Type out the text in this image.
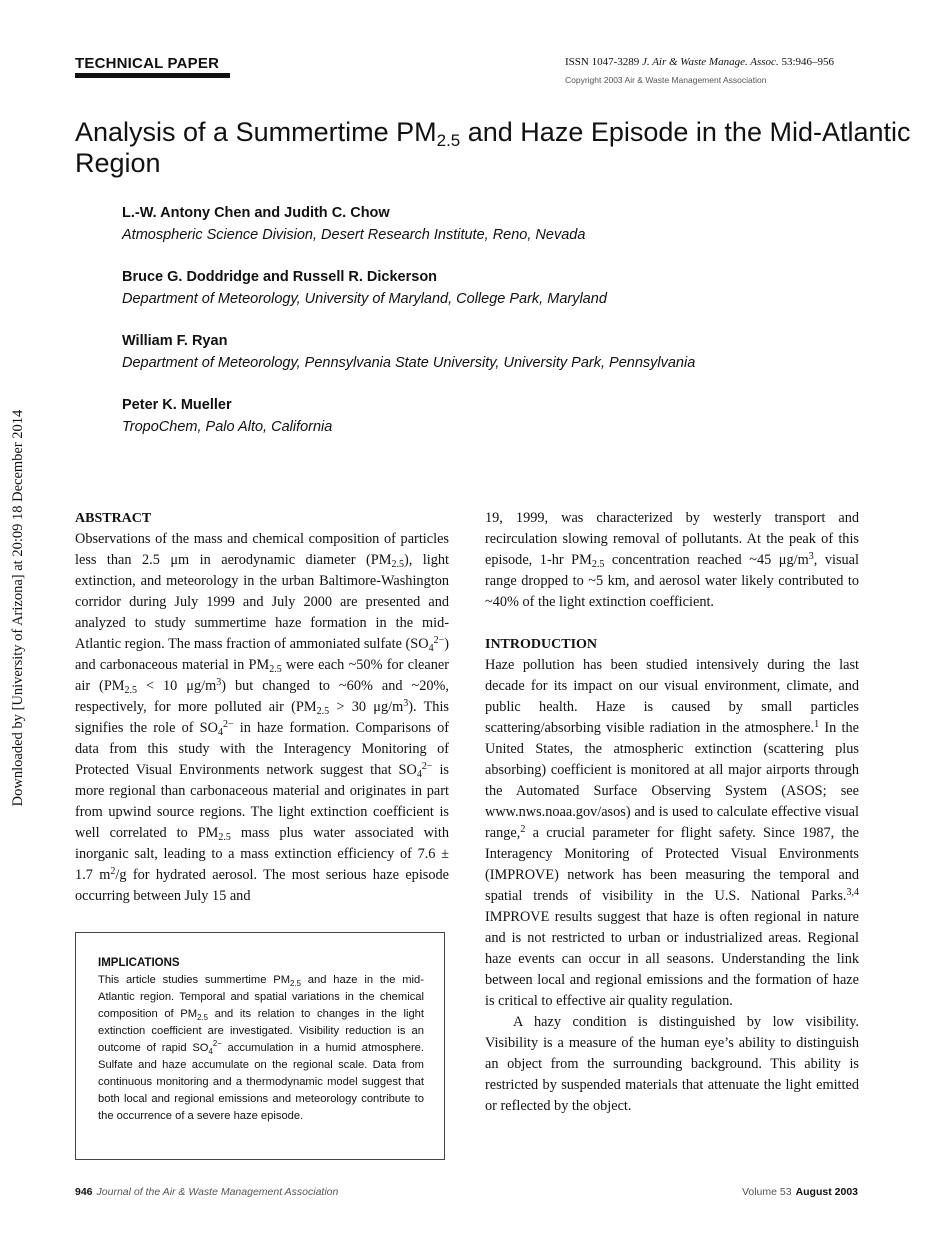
Downloaded by [University of Arizona] at 20:09 18 December 2014
TECHNICAL PAPER	ISSN 1047-3289 J. Air & Waste Manage. Assoc. 53:946–956
Copyright 2003 Air & Waste Management Association
Analysis of a Summertime $PM_{2.5}$ and Haze Episode in the Mid-Atlantic Region
L.-W. Antony Chen and Judith C. Chow
Atmospheric Science Division, Desert Research Institute, Reno, Nevada
Bruce G. Doddridge and Russell R. Dickerson
Department of Meteorology, University of Maryland, College Park, Maryland
William F. Ryan
Department of Meteorology, Pennsylvania State University, University Park, Pennsylvania
Peter K. Mueller
TropoChem, Palo Alto, California
ABSTRACT

Observations of the mass and chemical composition of particles less than 2.5 μm in aerodynamic diameter $(PM_{2.5})$, light extinction, and meteorology in the urban Baltimore-Washington corridor during July 1999 and July 2000 are presented and analyzed to study summertime haze formation in the mid-Atlantic region. The mass fraction of ammoniated sulfate $(SO_4^{2-})$ and carbonaceous material in $PM_{2.5}$ were each ~50% for cleaner air ($PM_{2.5} < 10$ $\mu g/m^3$) but changed to ~60% and ~20%, respectively, for more polluted air ($PM_{2.5} > 30$ $\mu g/m^3$). This signifies the role of $SO_4^{2-}$ in haze formation. Comparisons of data from this study with the Interagency Monitoring of Protected Visual Environments network suggest that $SO_4^{2-}$ is more regional than carbonaceous material and originates in part from upwind source regions. The light extinction coefficient is well correlated to $PM_{2.5}$ mass plus water associated with inorganic salt, leading to a mass extinction efficiency of 7.6 ± 1.7 $m^2/g$ for hydrated aerosol. The most serious haze episode occurring between July 15 and

IMPLICATIONS

This article studies summertime $PM_{2.5}$ and haze in the mid-Atlantic region. Temporal and spatial variations in the chemical composition of $PM_{2.5}$ and its relation to changes in the light extinction coefficient are investigated. Visibility reduction is an outcome of rapid $SO_4^{2-}$ accumulation in a humid atmosphere. Sulfate and haze accumulate on the regional scale. Data from continuous monitoring and a thermodynamic model suggest that both local and regional emissions and meteorology contribute to the occurrence of a severe haze episode.

19, 1999, was characterized by westerly transport and recirculation slowing removal of pollutants. At the peak of this episode, 1-hr $PM_{2.5}$ concentration reached ~45 $\mu g/m^3$, visual range dropped to ~5 km, and aerosol water likely contributed to ~40% of the light extinction coefficient.

INTRODUCTION

Haze pollution has been studied intensively during the last decade for its impact on our visual environment, climate, and public health. Haze is caused by small particles scattering/absorbing visible radiation in the atmosphere.$^1$ In the United States, the atmospheric extinction (scattering plus absorbing) coefficient is monitored at all major airports through the Automated Surface Observing System (ASOS; see www.nws.noaa.gov/asos) and is used to calculate effective visual range,$^2$ a crucial parameter for flight safety. Since 1987, the Interagency Monitoring of Protected Visual Environments (IMPROVE) network has been measuring the temporal and spatial trends of visibility in the U.S. National Parks.$^{3,4}$ IMPROVE results suggest that haze is often regional in nature and is not restricted to urban or industrialized areas. Regional haze events can occur in all seasons. Understanding the link between local and regional emissions and the formation of haze is critical to effective air quality regulation.

A hazy condition is distinguished by low visibility. Visibility is a measure of the human eye’s ability to distinguish an object from the surrounding background. This ability is restricted by suspended materials that attenuate the light emitted or reflected by the object.

946 Journal of the Air & Waste Management Association	Volume 53 August 2003
